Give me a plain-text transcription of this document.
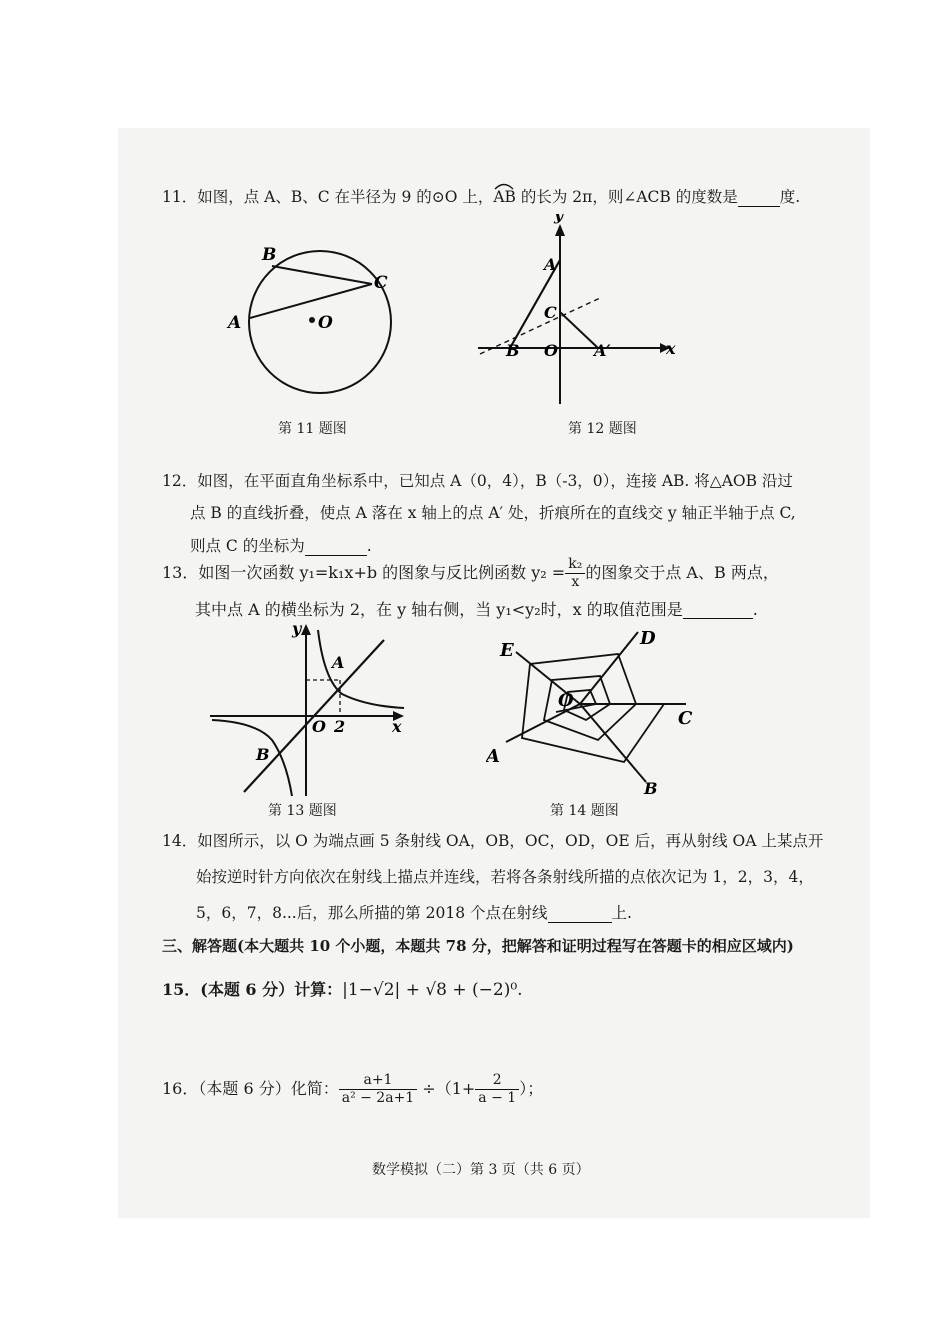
11．如图，点 A、B、C 在半径为 9 的⊙O 上，
AB 的长为 2π，则∠ACB 的度数是	度.
B
C
A	O
第 11 题图
y
x
A
C
B O A′
第 12 题图
12．如图，在平面直角坐标系中，已知点 A（0，4），B（-3，0），连接 AB. 将△AOB 沿过
点 B 的直线折叠，使点 A 落在 x 轴上的点 A′ 处，折痕所在的直线交 y 轴正半轴于点 C,
则点 C 的坐标为	.
13．如图一次函数 y₁=k₁x+b 的图象与反比例函数 $y_2 = \frac{\text{k₂}}{x}$ 的图象交于点 A、B 两点，
其中点 A 的横坐标为 2，在 y 轴右侧，当 y₁<y₂时，x 的取值范围是	.
y
x
A
B
O 2
第 13 题图
O
D
E
C
A
B
第 14 题图
14．如图所示，以 O 为端点画 5 条射线 OA，OB，OC，OD，OE 后，再从射线 OA 上某点开
始按逆时针方向依次在射线上描点并连线，若将各条射线所描的点依次记为 1，2，3，4，
5，6，7，8...后，那么所描的第 2018 个点在射线	上.
三、解答题(本大题共 10 个小题，本题共 78 分，把解答和证明过程写在答题卡的相应区域内)
15．(本题 6 分）计算：|1−√2| + √8 + (−2)⁰.
16．（本题 6 分）化简： $\frac{a+1}{\text{a² − 2a+1}} \div(1+ \frac{2}{a - 1}$ ）；
数学模拟（二）第 3 页（共 6 页）
